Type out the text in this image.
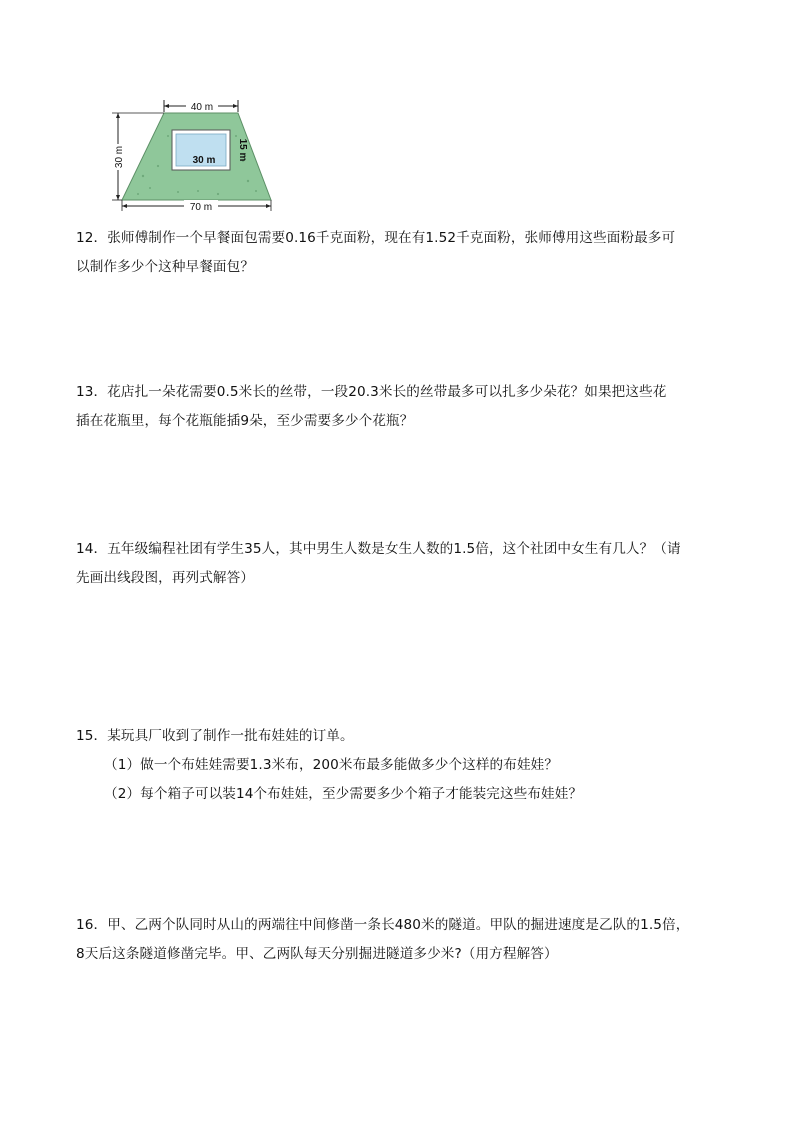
40 m
30 m 15 m
30 m
70 m

12．张师傅制作一个早餐面包需要0.16千克面粉，现在有1.52千克面粉，张师傅用这些面粉最多可

以制作多少个这种早餐面包？

13．花店扎一朵花需要0.5米长的丝带，一段20.3米长的丝带最多可以扎多少朵花？如果把这些花

插在花瓶里，每个花瓶能插9朵，至少需要多少个花瓶？

14．五年级编程社团有学生35人，其中男生人数是女生人数的1.5倍，这个社团中女生有几人？（请

先画出线段图，再列式解答）

15．某玩具厂收到了制作一批布娃娃的订单。

（1）做一个布娃娃需要1.3米布，200米布最多能做多少个这样的布娃娃？

（2）每个箱子可以装14个布娃娃，至少需要多少个箱子才能装完这些布娃娃？

16．甲、乙两个队同时从山的两端往中间修凿一条长480米的隧道。甲队的掘进速度是乙队的1.5倍，

8天后这条隧道修凿完毕。甲、乙两队每天分别掘进隧道多少米?（用方程解答）
